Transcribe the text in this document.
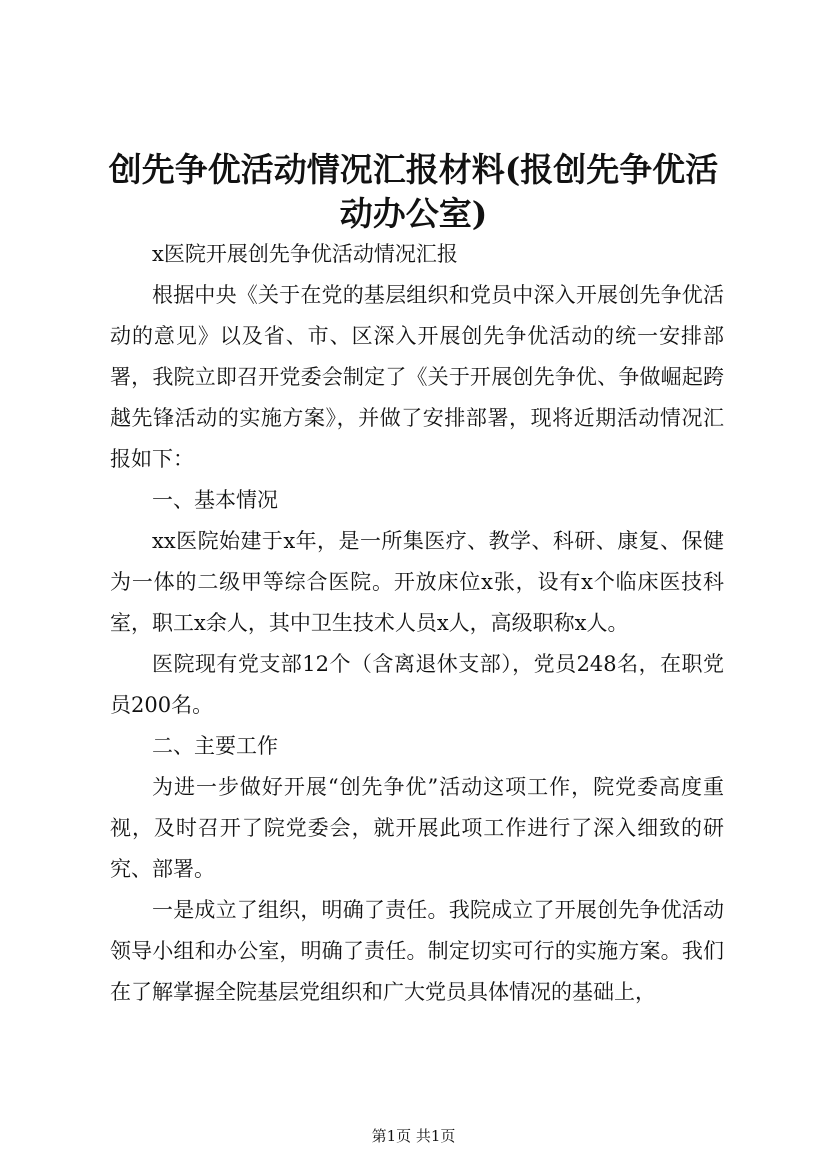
创先争优活动情况汇报材料(报创先争优活动办公室)

x医院开展创先争优活动情况汇报

根据中央《关于在党的基层组织和党员中深入开展创先争优活动的意见》以及省、市、区深入开展创先争优活动的统一安排部署，我院立即召开党委会制定了《关于开展创先争优、争做崛起跨越先锋活动的实施方案》，并做了安排部署，现将近期活动情况汇报如下：

一、基本情况

xx医院始建于x年，是一所集医疗、教学、科研、康复、保健为一体的二级甲等综合医院。开放床位x张，设有x个临床医技科室，职工x余人，其中卫生技术人员x人，高级职称x人。

医院现有党支部12个（含离退休支部），党员248名，在职党员200名。

二、主要工作

为进一步做好开展“创先争优”活动这项工作，院党委高度重视，及时召开了院党委会，就开展此项工作进行了深入细致的研究、部署。

一是成立了组织，明确了责任。我院成立了开展创先争优活动领导小组和办公室，明确了责任。制定切实可行的实施方案。我们在了解掌握全院基层党组织和广大党员具体情况的基础上，

第1页 共1页
